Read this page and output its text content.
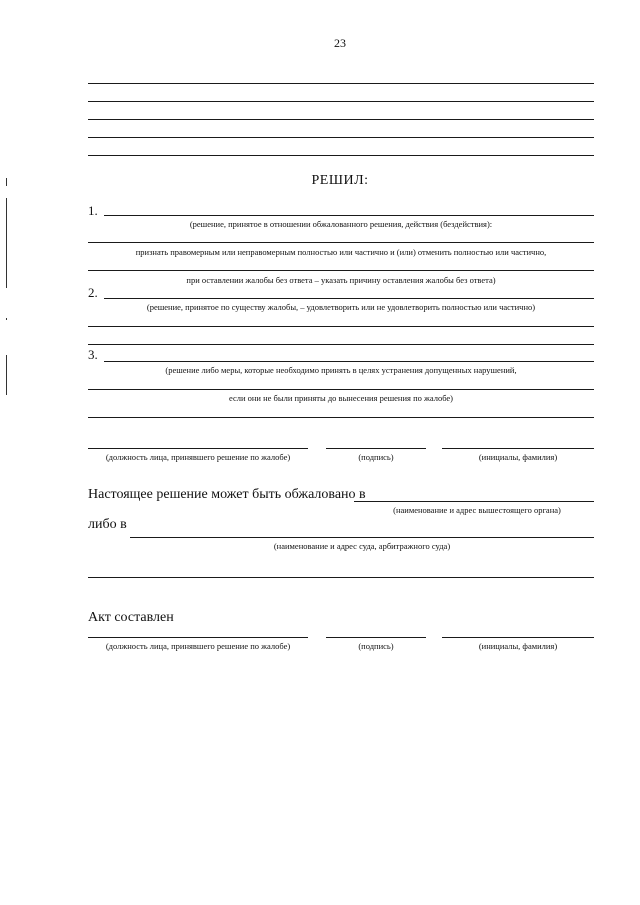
23
РЕШИЛ:
1.
(решение, принятое в отношении обжалованного решения, действия (бездействия):
признать правомерным или неправомерным полностью или частично и (или) отменить полностью или частично,
при оставлении жалобы без ответа – указать причину оставления жалобы без ответа)
2.
(решение, принятое по существу жалобы, – удовлетворить или не удовлетворить полностью или частично)
3.
(решение либо меры, которые необходимо принять в целях устранения допущенных нарушений,
если они не были приняты до вынесения решения по жалобе)
(должность лица, принявшего решение по жалобе)	(подпись)	(инициалы, фамилия)
Настоящее решение может быть обжаловано в
(наименование и адрес вышестоящего органа)
либо в
(наименование и адрес суда, арбитражного суда)
Акт составлен
(должность лица, принявшего решение по жалобе)	(подпись)	(инициалы, фамилия)
